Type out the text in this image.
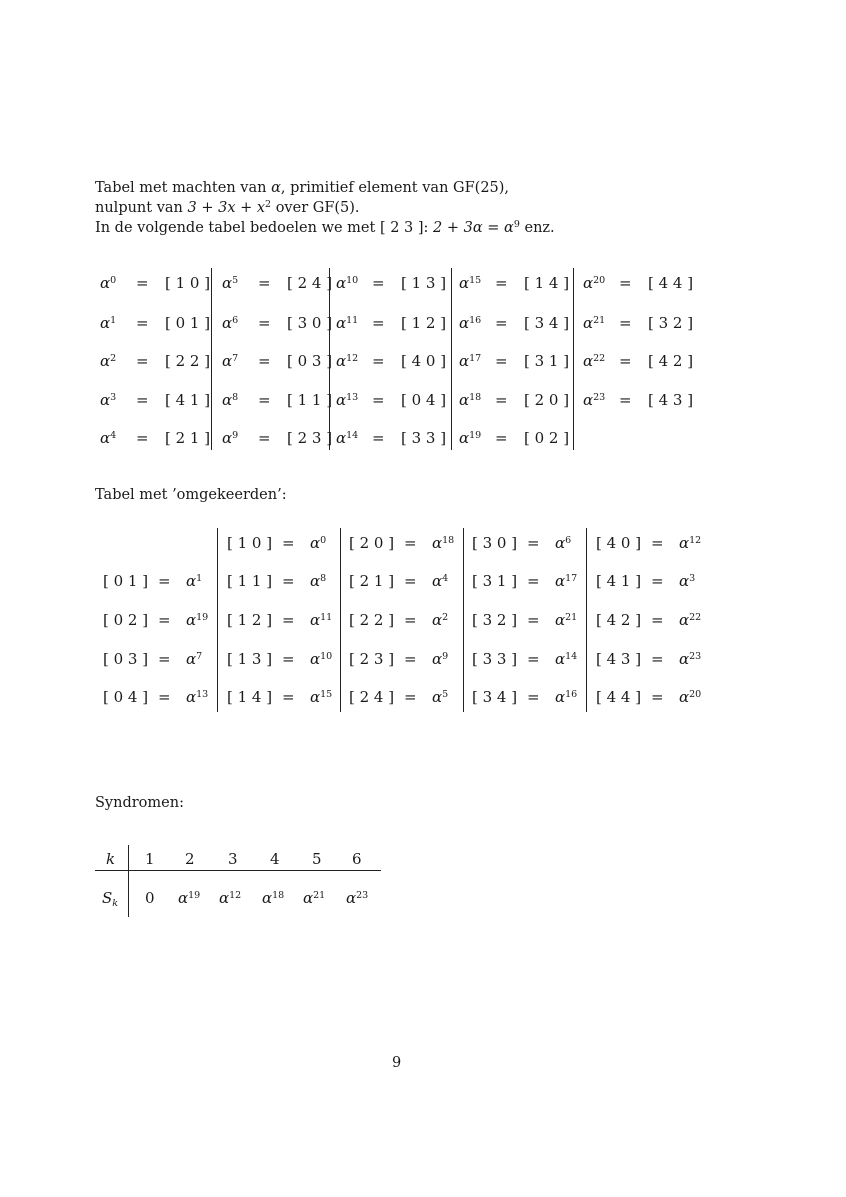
Tabel met machten van α, primitief element van GF(25),
nulpunt van $3 + 3x + x^2$ over GF(5).
In de volgende tabel bedoelen we met [ 2 3 ]: $2 + 3\alpha = \alpha^9$ enz.
$\alpha^0$ = [ 1 0 ]
$\alpha^1$ = [ 0 1 ]
$\alpha^2$ = [ 2 2 ]
$\alpha^3$ = [ 4 1 ]
$\alpha^4$ = [ 2 1 ]
$\alpha^5$ = [ 2 4 ]
$\alpha^6$ = [ 3 0 ]
$\alpha^7$ = [ 0 3 ]
$\alpha^8$ = [ 1 1 ]
$\alpha^9$ = [ 2 3 ]
$\alpha^{10}$ = [ 1 3 ]
$\alpha^{11}$ = [ 1 2 ]
$\alpha^{12}$ = [ 4 0 ]
$\alpha^{13}$ = [ 0 4 ]
$\alpha^{14}$ = [ 3 3 ]
$\alpha^{15}$ = [ 1 4 ]
$\alpha^{16}$ = [ 3 4 ]
$\alpha^{17}$ = [ 3 1 ]
$\alpha^{18}$ = [ 2 0 ]
$\alpha^{19}$ = [ 0 2 ]
$\alpha^{20}$ = [ 4 4 ]
$\alpha^{21}$ = [ 3 2 ]
$\alpha^{22}$ = [ 4 2 ]
$\alpha^{23}$ = [ 4 3 ]
Tabel met ’omgekeerden’:
[ 0 1 ] = $\alpha^1$
[ 0 2 ] = $\alpha^{19}$
[ 0 3 ] = $\alpha^7$
[ 0 4 ] = $\alpha^{13}$
[ 1 0 ] = $\alpha^0$
[ 1 1 ] = $\alpha^8$
[ 1 2 ] = $\alpha^{11}$
[ 1 3 ] = $\alpha^{10}$
[ 1 4 ] = $\alpha^{15}$
[ 2 0 ] = $\alpha^{18}$
[ 2 1 ] = $\alpha^4$
[ 2 2 ] = $\alpha^2$
[ 2 3 ] = $\alpha^9$
[ 2 4 ] = $\alpha^5$
[ 3 0 ] = $\alpha^6$
[ 3 1 ] = $\alpha^{17}$
[ 3 2 ] = $\alpha^{21}$
[ 3 3 ] = $\alpha^{14}$
[ 3 4 ] = $\alpha^{16}$
[ 4 0 ] = $\alpha^{12}$
[ 4 1 ] = $\alpha^3$
[ 4 2 ] = $\alpha^{22}$
[ 4 3 ] = $\alpha^{23}$
[ 4 4 ] = $\alpha^{20}$
Syndromen:
k
$S_k$
1 2 3 4 5 6
0 $\alpha^{19}$ $\alpha^{12}$ $\alpha^{18}$ $\alpha^{21}$ $\alpha^{23}$
9
